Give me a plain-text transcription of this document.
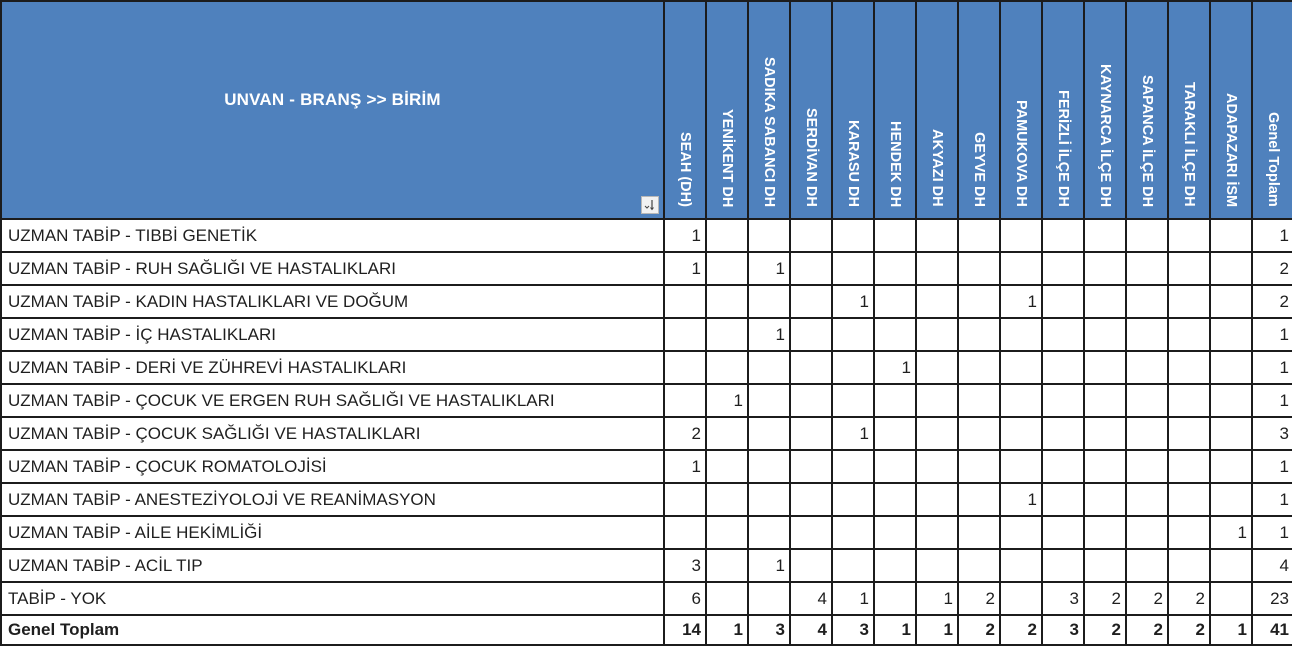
UNVAN - BRANŞ >> BİRİM	SEAH (DH)	YENİKENT DH	SADIKA SABANCI DH	SERDİVAN DH	KARASU DH	HENDEK DH	AKYAZI DH	GEYVE DH	PAMUKOVA DH	FERİZLİ İLÇE DH	KAYNARCA İLÇE DH	SAPANCA İLÇE DH	TARAKLI İLÇE DH	ADAPAZARI İSM	Genel Toplam
UZMAN TABİP - TIBBİ GENETİK	1														1
UZMAN TABİP - RUH SAĞLIĞI VE HASTALIKLARI	1		1												2
UZMAN TABİP - KADIN HASTALIKLARI VE DOĞUM					1				1						2
UZMAN TABİP - İÇ HASTALIKLARI			1												1
UZMAN TABİP - DERİ VE ZÜHREVİ HASTALIKLARI						1									1
UZMAN TABİP - ÇOCUK VE ERGEN RUH SAĞLIĞI VE HASTALIKLARI		1													1
UZMAN TABİP - ÇOCUK SAĞLIĞI VE HASTALIKLARI	2				1										3
UZMAN TABİP - ÇOCUK ROMATOLOJİSİ	1														1
UZMAN TABİP - ANESTEZİYOLOJİ VE REANİMASYON									1						1
UZMAN TABİP - AİLE HEKİMLİĞİ														1	1
UZMAN TABİP - ACİL TIP	3		1												4
TABİP - YOK	6			4	1		1	2		3	2	2	2		23
Genel Toplam	14	1	3	4	3	1	1	2	2	3	2	2	2	1	41
